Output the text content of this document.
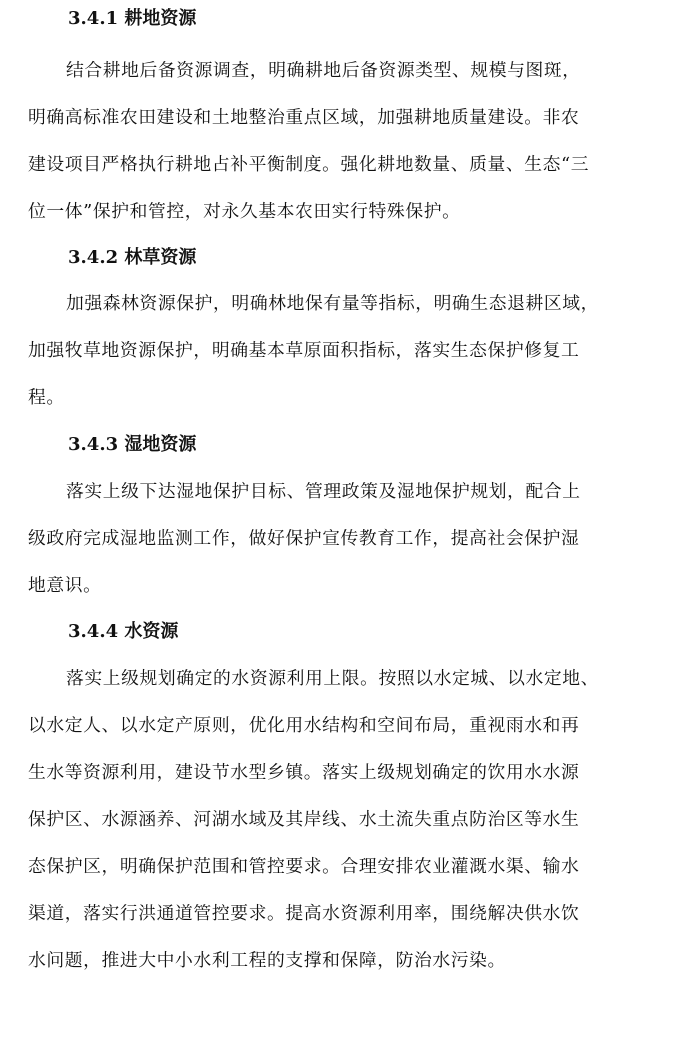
3.4.1 耕地资源
结合耕地后备资源调查，明确耕地后备资源类型、规模与图斑，
明确高标准农田建设和土地整治重点区域，加强耕地质量建设。非农
建设项目严格执行耕地占补平衡制度。强化耕地数量、质量、生态“三
位一体”保护和管控，对永久基本农田实行特殊保护。
3.4.2 林草资源
加强森林资源保护，明确林地保有量等指标，明确生态退耕区域，
加强牧草地资源保护，明确基本草原面积指标，落实生态保护修复工
程。
3.4.3 湿地资源
落实上级下达湿地保护目标、管理政策及湿地保护规划，配合上
级政府完成湿地监测工作，做好保护宣传教育工作，提高社会保护湿
地意识。
3.4.4 水资源
落实上级规划确定的水资源利用上限。按照以水定城、以水定地、
以水定人、以水定产原则，优化用水结构和空间布局，重视雨水和再
生水等资源利用，建设节水型乡镇。落实上级规划确定的饮用水水源
保护区、水源涵养、河湖水域及其岸线、水土流失重点防治区等水生
态保护区，明确保护范围和管控要求。合理安排农业灌溉水渠、输水
渠道，落实行洪通道管控要求。提高水资源利用率，围绕解决供水饮
水问题，推进大中小水利工程的支撑和保障，防治水污染。
